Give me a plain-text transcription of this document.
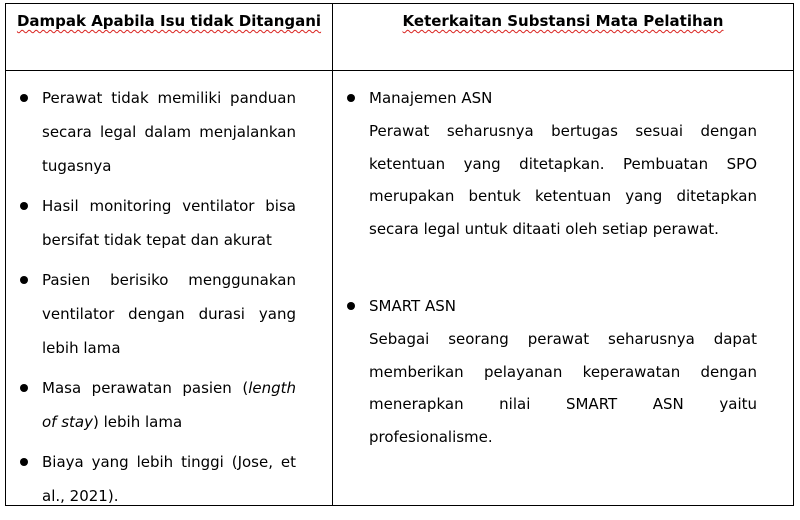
Dampak Apabila Isu tidak Ditangani	Keterkaitan Substansi Mata Pelatihan
Perawat tidak memiliki panduan secara legal dalam menjalankan tugasnya
Hasil monitoring ventilator bisa bersifat tidak tepat dan akurat
Pasien berisiko menggunakan ventilator dengan durasi yang lebih lama
Masa perawatan pasien (length of stay) lebih lama
Biaya yang lebih tinggi (Jose, et al., 2021).
Manajemen ASN
Perawat seharusnya bertugas sesuai dengan ketentuan yang ditetapkan. Pembuatan SPO merupakan bentuk ketentuan yang ditetapkan secara legal untuk ditaati oleh setiap perawat.
SMART ASN
Sebagai seorang perawat seharusnya dapat memberikan pelayanan keperawatan dengan menerapkan nilai SMART ASN yaitu profesionalisme.
